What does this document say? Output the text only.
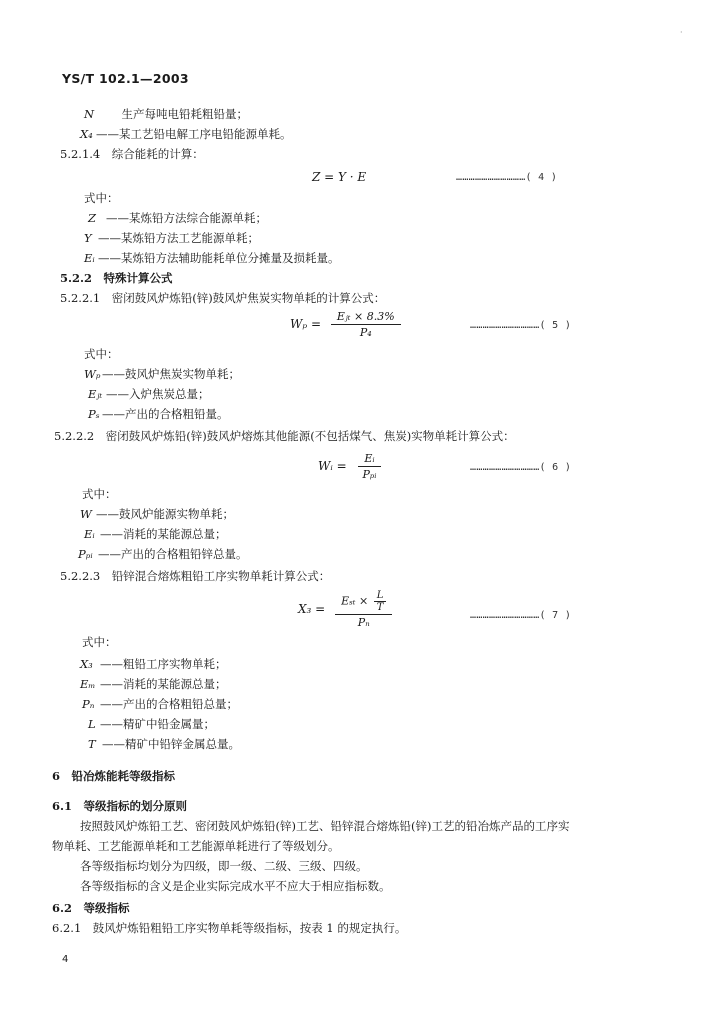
·
YS/T 102.1—2003
N　 生产每吨电铅耗粗铅量；
X₄ ——某工艺铅电解工序电铅能源单耗。
5.2.1.4　 综合能耗的计算：
Z = Y · E	……………………………( 4 )
式中：
Z ——某炼铅方法综合能源单耗；
Y ——某炼铅方法工艺能源单耗；
Eᵢ ——某炼铅方法辅助能耗单位分摊量及损耗量。
5.2.2　 特殊计算公式
5.2.2.1　 密闭鼓风炉炼铅(锌)鼓风炉焦炭实物单耗的计算公式：
$W_p = \frac{\text{Eⱼₜ × 8.3\%}}{\text{P₄}}$	……………………………( 5 )
式中：
Wₚ ——鼓风炉焦炭实物单耗；
Eⱼₜ ——入炉焦炭总量；
Pₛ ——产出的合格粗铅量。
5.2.2.2　 密闭鼓风炉炼铅(锌)鼓风炉熔炼其他能源(不包括煤气、焦炭)实物单耗计算公式：
Wᵢ = $\frac{\text{Eᵢ}}{\text{Pₚᵢ}}$	……………………………( 6 )
式中：
W ——鼓风炉能源实物单耗；
Eᵢ ——消耗的某能源总量；
Pₚᵢ ——产出的合格粗铅锌总量。
5.2.2.3　 铅锌混合熔炼粗铅工序实物单耗计算公式：
$X_3 = \frac{E_{st} \times \frac{L}{T}}{\text{Pₙ}}$	……………………………( 7 )
式中：
X₃ ——粗铅工序实物单耗；
Eₘ ——消耗的某能源总量；
Pₙ ——产出的合格粗铅总量；
L ——精矿中铅金属量；
T ——精矿中铅锌金属总量。
6　 铅冶炼能耗等级指标
6.1　 等级指标的划分原则
按照鼓风炉炼铅工艺、密闭鼓风炉炼铅(锌)工艺、铅锌混合熔炼铅(锌)工艺的铅冶炼产品的工序实
物单耗、工艺能源单耗和工艺能源单耗进行了等级划分。
各等级指标均划分为四级，即一级、二级、三级、四级。
各等级指标的含义是企业实际完成水平不应大于相应指标数。
6.2　 等级指标
6.2.1　 鼓风炉炼铅粗铅工序实物单耗等级指标，按表 1 的规定执行。
4
